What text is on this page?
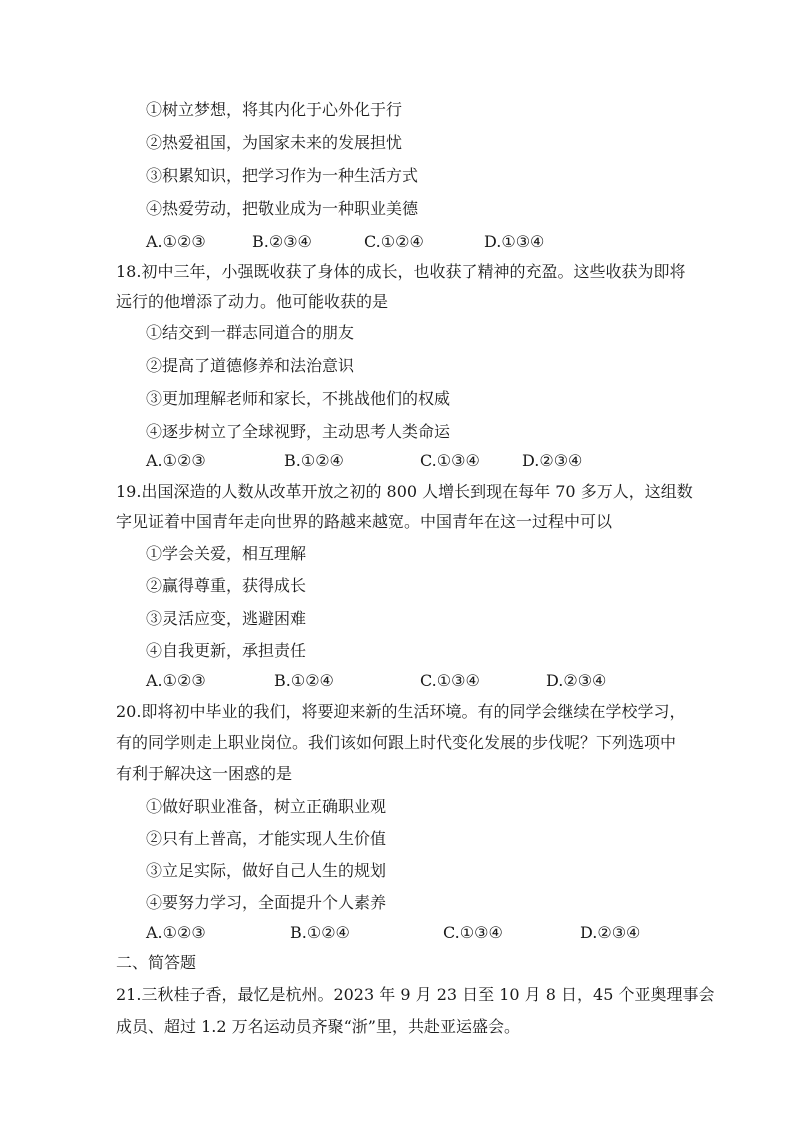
①树立梦想，将其内化于心外化于行
②热爱祖国，为国家未来的发展担忧
③积累知识，把学习作为一种生活方式
④热爱劳动，把敬业成为一种职业美德
A.①②③	B.②③④	C.①②④	D.①③④
18.初中三年，小强既收获了身体的成长，也收获了精神的充盈。这些收获为即将
远行的他增添了动力。他可能收获的是
①结交到一群志同道合的朋友
②提高了道德修养和法治意识
③更加理解老师和家长，不挑战他们的权威
④逐步树立了全球视野，主动思考人类命运
A.①②③	B.①②④	C.①③④	D.②③④
19.出国深造的人数从改革开放之初的 800 人增长到现在每年 70 多万人，这组数
字见证着中国青年走向世界的路越来越宽。中国青年在这一过程中可以
①学会关爱，相互理解
②赢得尊重，获得成长
③灵活应变，逃避困难
④自我更新，承担责任
A.①②③	B.①②④	C.①③④	D.②③④
20.即将初中毕业的我们，将要迎来新的生活环境。有的同学会继续在学校学习，
有的同学则走上职业岗位。我们该如何跟上时代变化发展的步伐呢？下列选项中
有利于解决这一困惑的是
①做好职业准备，树立正确职业观
②只有上普高，才能实现人生价值
③立足实际，做好自己人生的规划
④要努力学习，全面提升个人素养
A.①②③	B.①②④	C.①③④	D.②③④
二、简答题
21.三秋桂子香，最忆是杭州。2023 年 9 月 23 日至 10 月 8 日，45 个亚奥理事会
成员、超过 1.2 万名运动员齐聚“浙”里，共赴亚运盛会。
